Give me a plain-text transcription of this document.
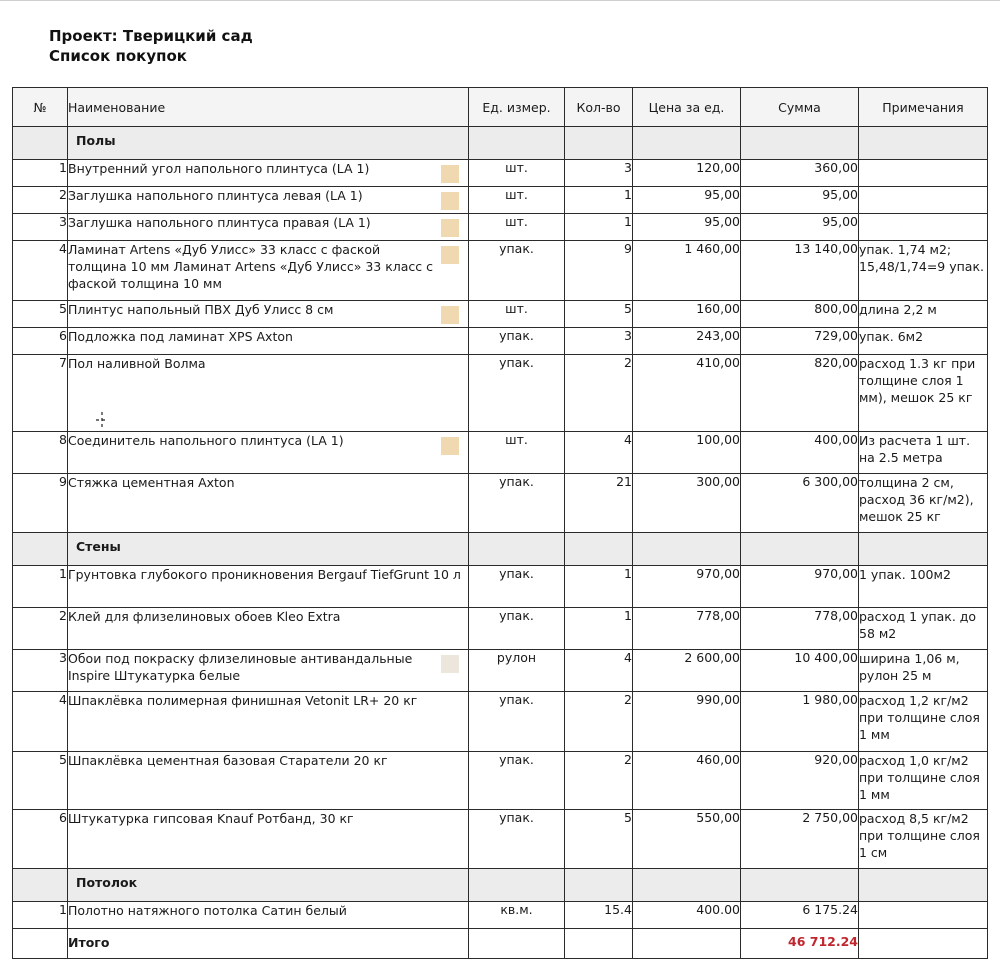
Проект: Тверицкий сад
Список покупок
№	Наименование	Ед. измер.	Кол-во	Цена за ед.	Сумма	Примечания
	Полы					
1	Внутренний угол напольного плинтуса (LA 1)	шт.	3	120,00	360,00	
2	Заглушка напольного плинтуса левая (LA 1)	шт.	1	95,00	95,00	
3	Заглушка напольного плинтуса правая (LA 1)	шт.	1	95,00	95,00	
4	Ламинат Artens «Дуб Улисс» 33 класс с фаской толщина 10 мм Ламинат Artens «Дуб Улисс» 33 класс с фаской толщина 10 мм	упак.	9	1 460,00	13 140,00	упак. 1,74 м2; 15,48/1,74=9 упак.
5	Плинтус напольный ПВХ Дуб Улисс 8 см	шт.	5	160,00	800,00	длина 2,2 м
6	Подложка под ламинат XPS Axton	упак.	3	243,00	729,00	упак. 6м2
7	Пол наливной Волма	упак.	2	410,00	820,00	расход 1.3 кг при толщине слоя 1 мм), мешок 25 кг
8	Соединитель напольного плинтуса (LA 1)	шт.	4	100,00	400,00	Из расчета 1 шт. на 2.5 метра
9	Стяжка цементная Axton	упак.	21	300,00	6 300,00	толщина 2 см, расход 36 кг/м2), мешок 25 кг
	Стены					
1	Грунтовка глубокого проникновения Bergauf TiefGrunt 10 л	упак.	1	970,00	970,00	1 упак. 100м2
2	Клей для флизелиновых обоев Kleo Extra	упак.	1	778,00	778,00	расход 1 упак. до 58 м2
3	Обои под покраску флизелиновые антивандальные Inspire Штукатурка белые	рулон	4	2 600,00	10 400,00	ширина 1,06 м, рулон 25 м
4	Шпаклёвка полимерная финишная Vetonit LR+ 20 кг	упак.	2	990,00	1 980,00	расход 1,2 кг/м2 при толщине слоя 1 мм
5	Шпаклёвка цементная базовая Старатели 20 кг	упак.	2	460,00	920,00	расход 1,0 кг/м2 при толщине слоя 1 мм
6	Штукатурка гипсовая Knauf Ротбанд, 30 кг	упак.	5	550,00	2 750,00	расход 8,5 кг/м2 при толщине слоя 1 см
	Потолок					
1	Полотно натяжного потолка Сатин белый	кв.м.	15.4	400.00	6 175.24	
	Итого				46 712.24	
